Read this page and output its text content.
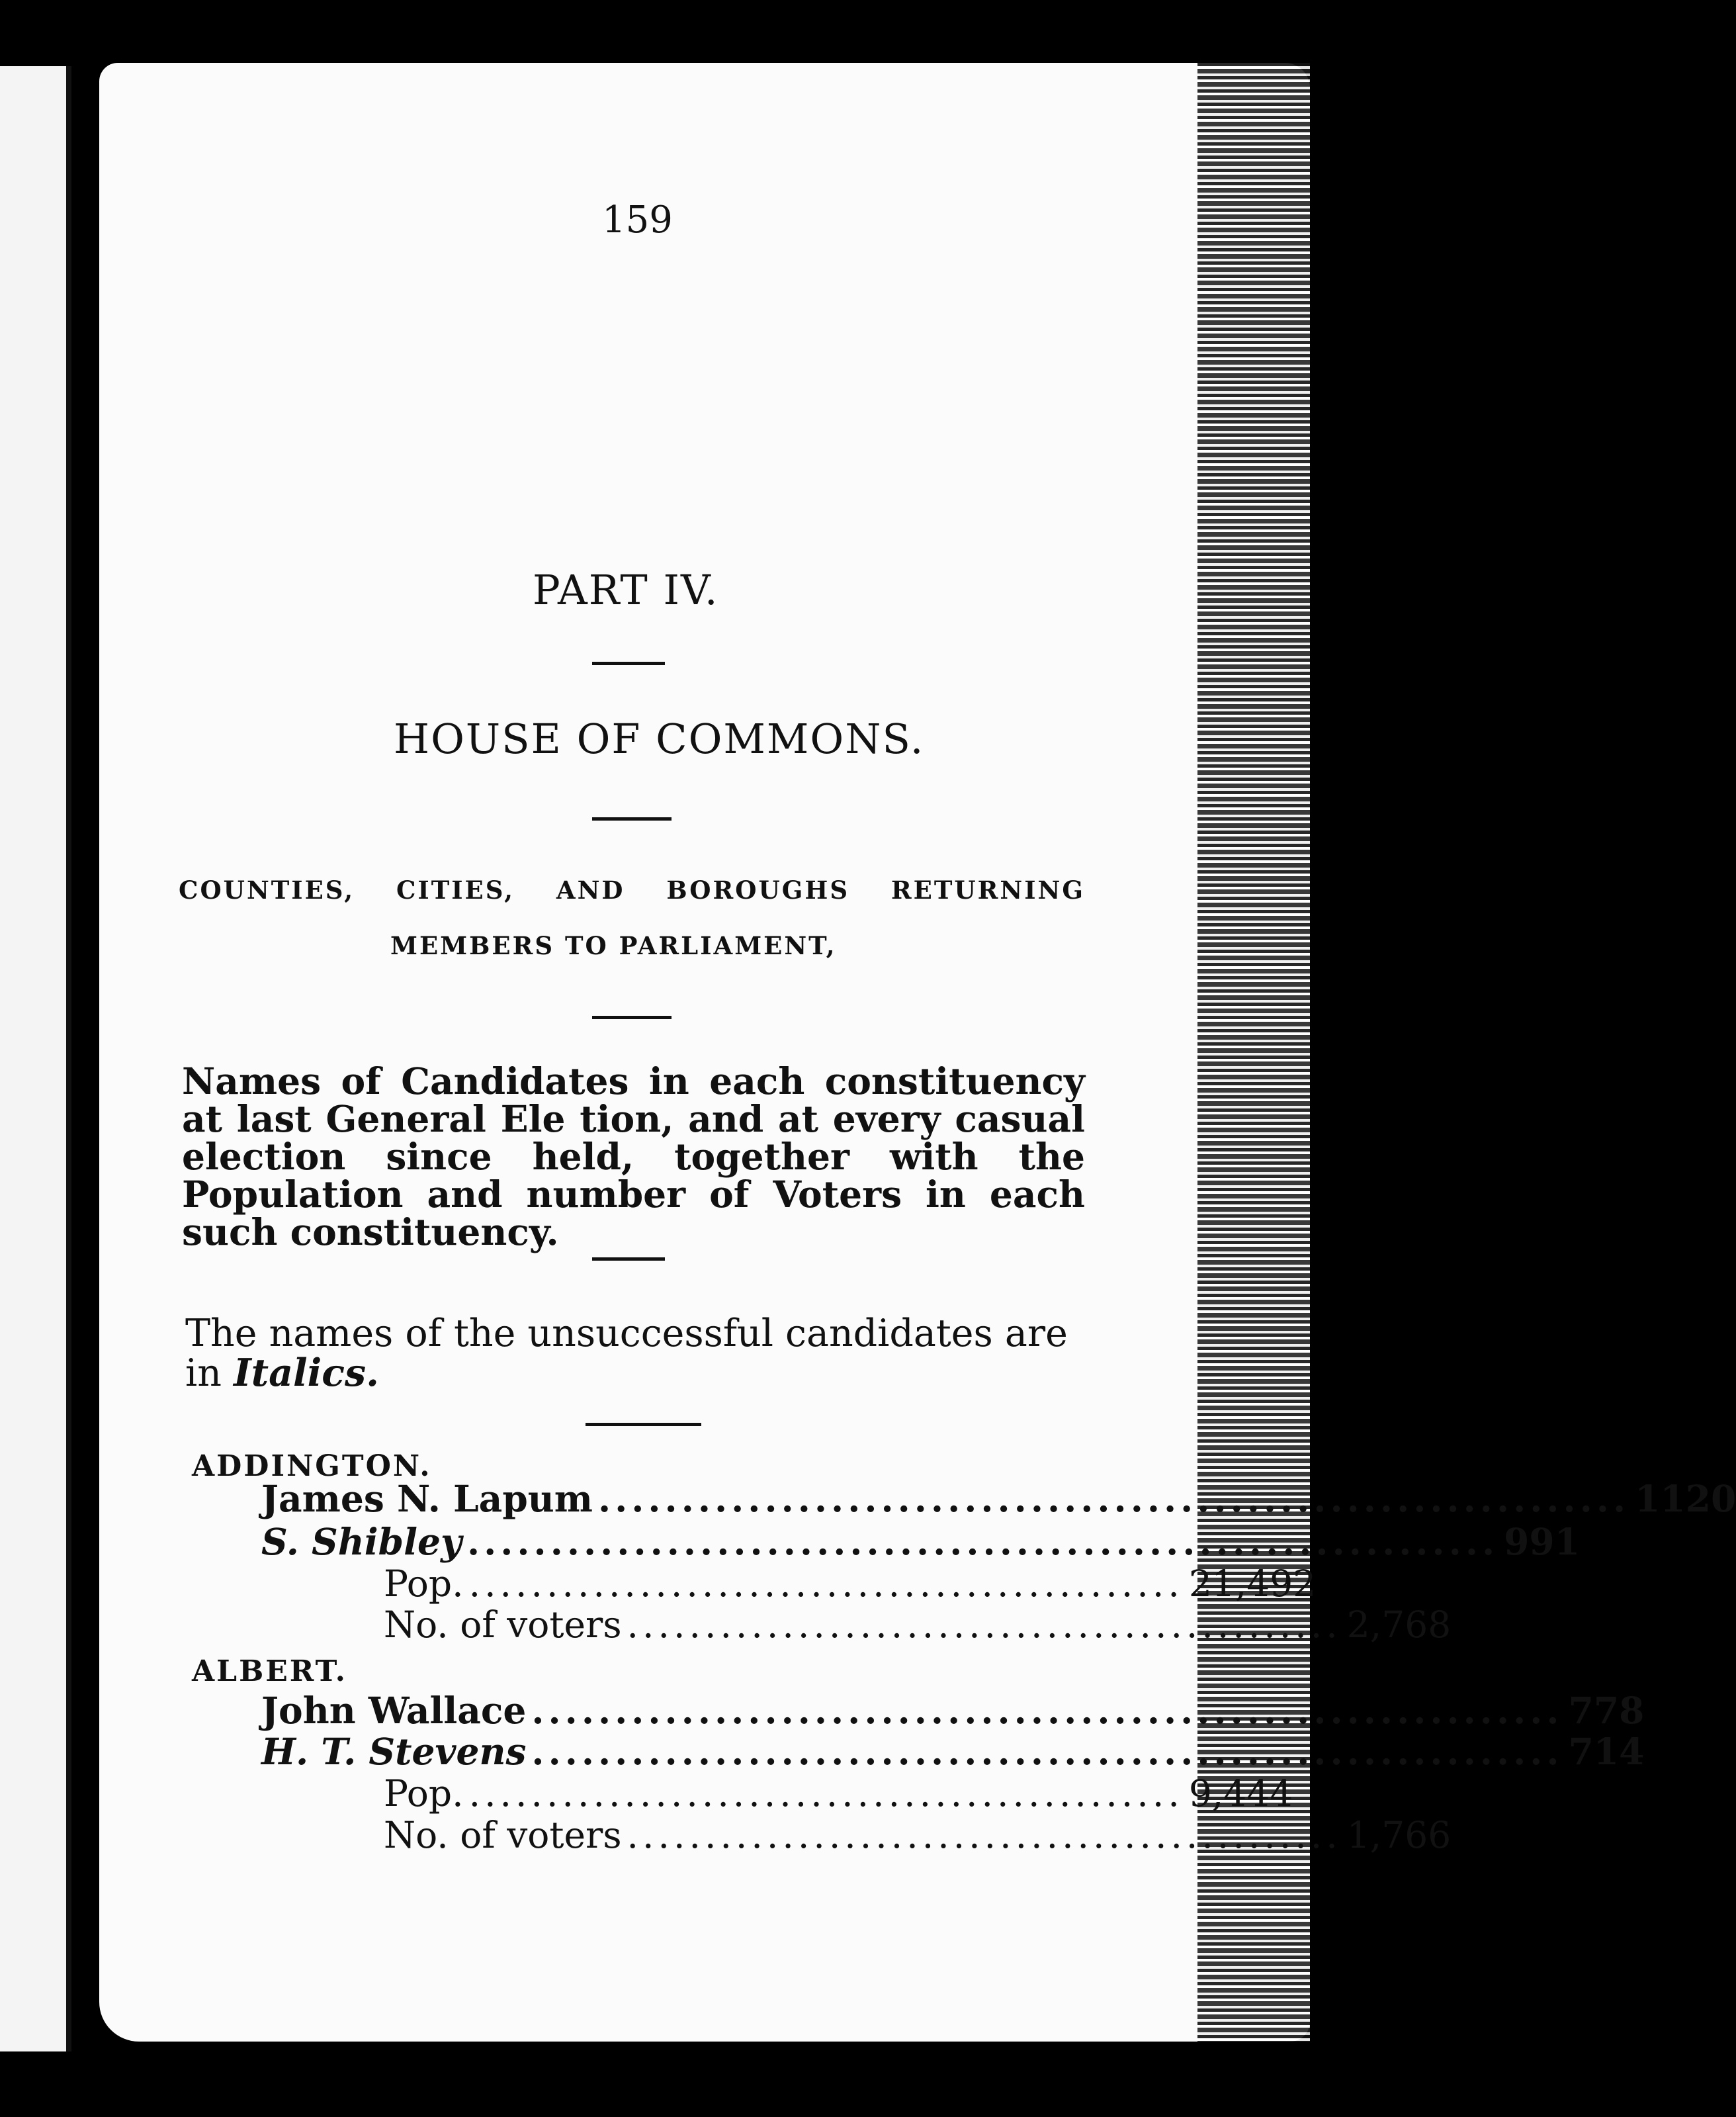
159
PART IV.
HOUSE OF COMMONS.
COUNTIES, CITIES, AND BOROUGHS RETURNING
MEMBERS TO PARLIAMENT,
Names of Candidates in each constituency at last General Ele tion, and at every casual election since held, together with the Population and number of Voters in each such constituency.
The names of the unsuccessful candidates are in Italics.
ADDINGTON.
James N. Lapum .............................................................. 1120
S. Shibley .............................................................. 991
Pop. .............................................. 21,492
No. of voters .............................................. 2,768
ALBERT.
John Wallace .............................................................. 778
H. T. Stevens .............................................................. 714
Pop. .............................................. 9,444
No. of voters .............................................. 1,766
